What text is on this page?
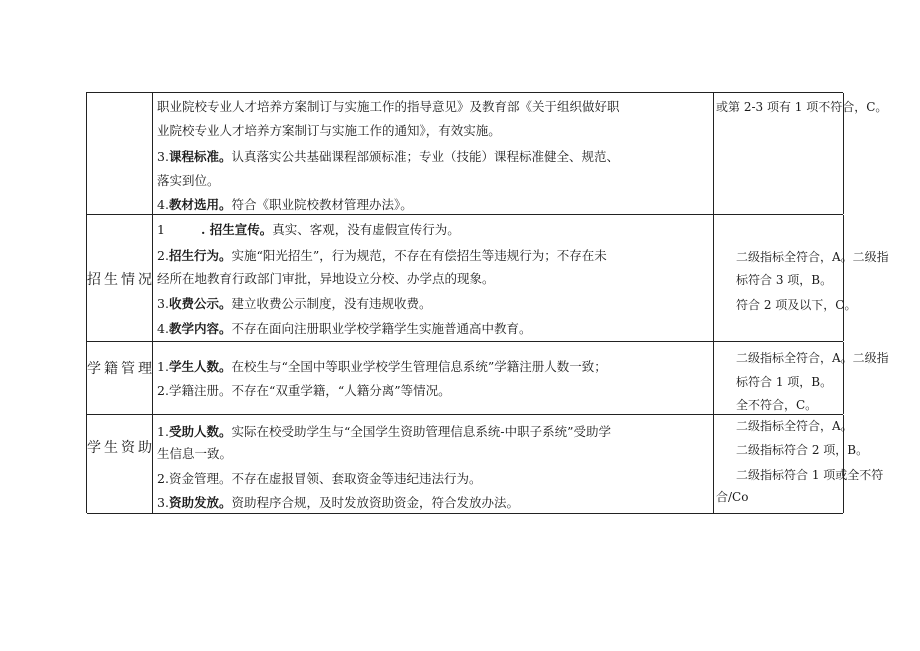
职业院校专业人才培养方案制订与实施工作的指导意见》及教育部《关于组织做好职
业院校专业人才培养方案制订与实施工作的通知》，有效实施。
3.课程标准。认真落实公共基础课程部颁标准；专业（技能）课程标准健全、规范、
落实到位。
4.教材选用。符合《职业院校教材管理办法》。
或第 2-3 项有 1 项不符合，C。
招生情况
1	. 招生宣传。真实、客观，没有虚假宣传行为。
2.招生行为。实施“阳光招生”，行为规范，不存在有偿招生等违规行为；不存在未
经所在地教育行政部门审批，异地设立分校、办学点的现象。
3.收费公示。建立收费公示制度，没有违规收费。
4.教学内容。不存在面向注册职业学校学籍学生实施普通高中教育。
二级指标全符合，A。二级指
标符合 3 项，B。
符合 2 项及以下，C。
学籍管理 1.学生人数。在校生与“全国中等职业学校学生管理信息系统”学籍注册人数一致；
2.学籍注册。不存在“双重学籍，“人籍分离”等情况。
二级指标全符合，A。二级指
标符合 1 项，B。
全不符合，C。
学生资助
1.受助人数。实际在校受助学生与“全国学生资助管理信息系统-中职子系统”受助学
生信息一致。
2.资金管理。不存在虚报冒领、套取资金等违纪违法行为。
3.资助发放。资助程序合规，及时发放资助资金，符合发放办法。
二级指标全符合，A。
二级指标符合 2 项，B。
二级指标符合 1 项或全不符
合/Co
